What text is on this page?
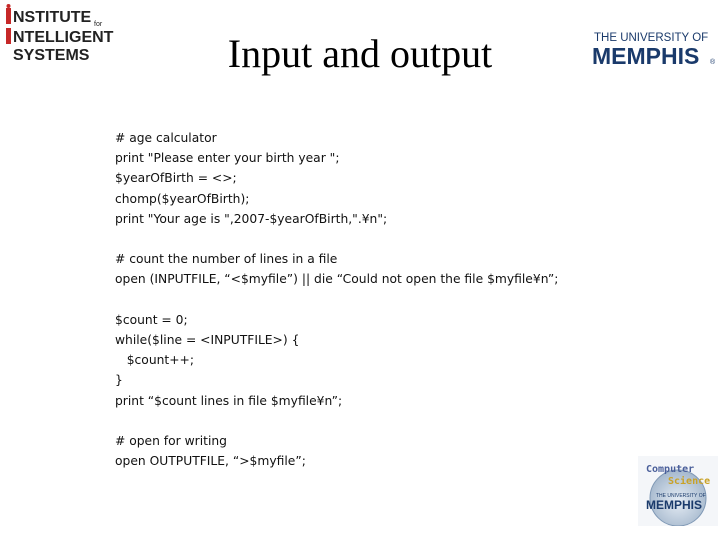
NSTITUTE for
NTELLIGENT
SYSTEMS	Input and output	THE UNIVERSITY OF
MEMPHIS ®
# age calculator
print "Please enter your birth year ";
$yearOfBirth = <>;
chomp($yearOfBirth);
print "Your age is ",2007-$yearOfBirth,".¥n";
# count the number of lines in a file
open (INPUTFILE, “<$myfile”) || die “Could not open the file $myfile¥n”;
$count = 0;
while($line = <INPUTFILE>) {
$count++;
}
print “$count lines in file $myfile¥n”;
# open for writing
open OUTPUTFILE, “>$myfile”;
Computer
Science
THE UNIVERSITY OF
MEMPHIS
